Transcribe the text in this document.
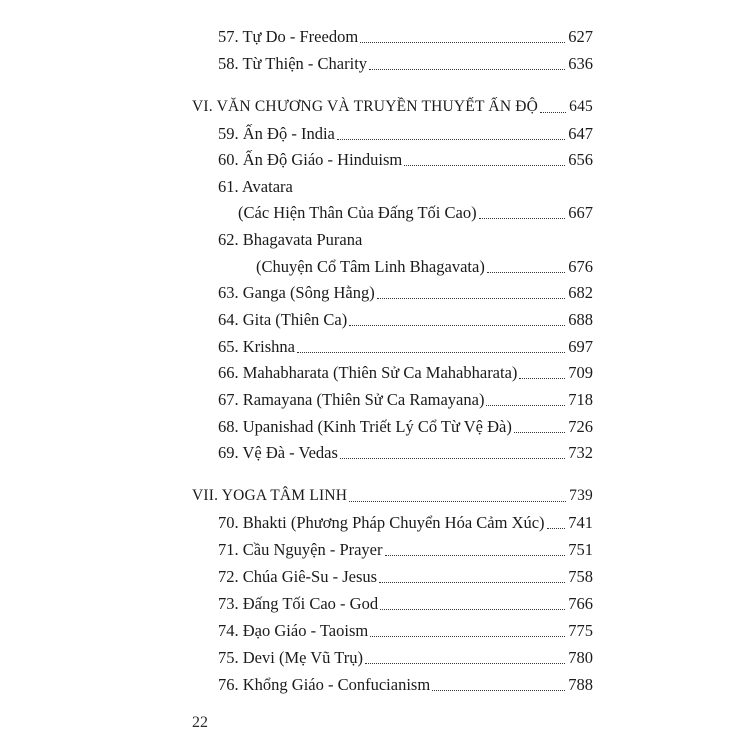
57. Tự Do - Freedom	627
58. Từ Thiện - Charity	636
VI. VĂN CHƯƠNG VÀ TRUYỀN THUYẾT ẤN ĐỘ 645
59. Ấn Độ - India	647
60. Ấn Độ Giáo - Hinduism	656
61. Avatara
(Các Hiện Thân Của Đấng Tối Cao)	667
62. Bhagavata Purana
(Chuyện Cổ Tâm Linh Bhagavata)	676
63. Ganga (Sông Hằng)	682
64. Gita (Thiên Ca)	688
65. Krishna	697
66. Mahabharata (Thiên Sử Ca Mahabharata)	709
67. Ramayana (Thiên Sử Ca Ramayana)	718
68. Upanishad (Kinh Triết Lý Cổ Từ Vệ Đà)	726
69. Vệ Đà - Vedas	732
VII. YOGA TÂM LINH	739
70. Bhakti (Phương Pháp Chuyển Hóa Cảm Xúc) 741
71. Cầu Nguyện - Prayer	751
72. Chúa Giê-Su - Jesus	758
73. Đấng Tối Cao - God	766
74. Đạo Giáo - Taoism	775
75. Devi (Mẹ Vũ Trụ)	780
76. Khổng Giáo - Confucianism	788
22
